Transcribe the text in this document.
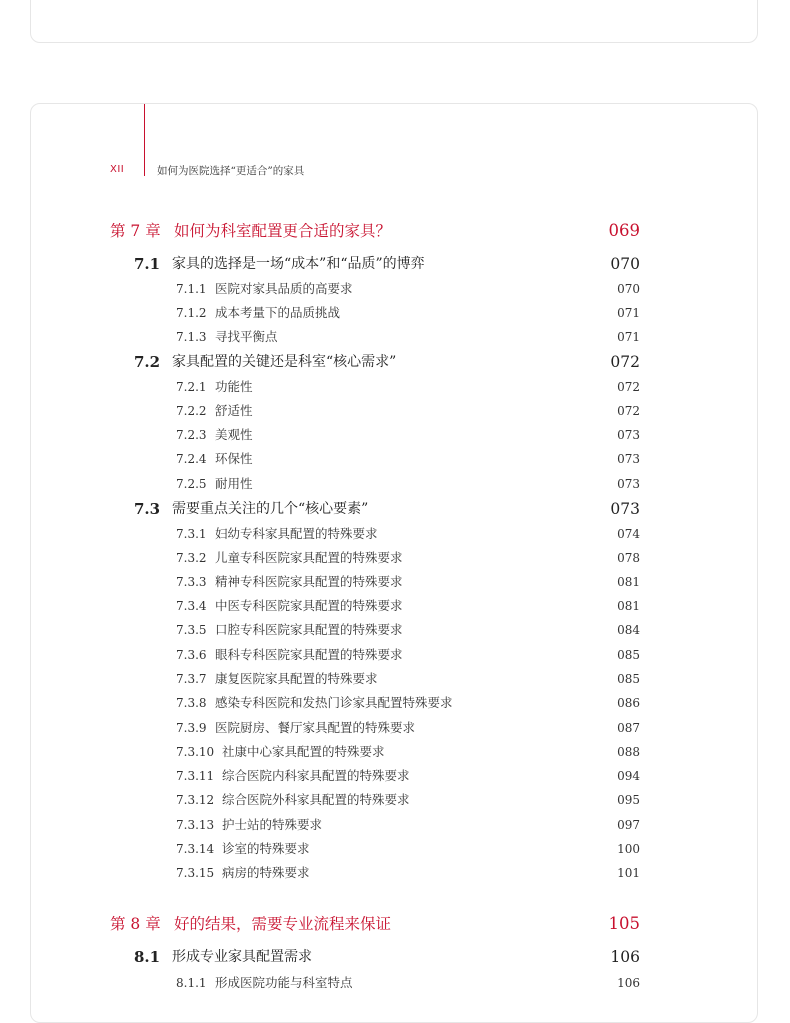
XII	如何为医院选择“更适合”的家具
第 7 章 如何为科室配置更合适的家具？	069
7.1 家具的选择是一场“成本”和“品质”的博弈	070
7.1.1 医院对家具品质的高要求	070
7.1.2 成本考量下的品质挑战	071
7.1.3 寻找平衡点	071
7.2 家具配置的关键还是科室“核心需求”	072
7.2.1 功能性	072
7.2.2 舒适性	072
7.2.3 美观性	073
7.2.4 环保性	073
7.2.5 耐用性	073
7.3 需要重点关注的几个“核心要素”	073
7.3.1 妇幼专科家具配置的特殊要求	074
7.3.2 儿童专科医院家具配置的特殊要求	078
7.3.3 精神专科医院家具配置的特殊要求	081
7.3.4 中医专科医院家具配置的特殊要求	081
7.3.5 口腔专科医院家具配置的特殊要求	084
7.3.6 眼科专科医院家具配置的特殊要求	085
7.3.7 康复医院家具配置的特殊要求	085
7.3.8 感染专科医院和发热门诊家具配置特殊要求	086
7.3.9 医院厨房、餐厅家具配置的特殊要求	087
7.3.10 社康中心家具配置的特殊要求	088
7.3.11 综合医院内科家具配置的特殊要求	094
7.3.12 综合医院外科家具配置的特殊要求	095
7.3.13 护士站的特殊要求	097
7.3.14 诊室的特殊要求	100
7.3.15 病房的特殊要求	101
第 8 章 好的结果，需要专业流程来保证	105
8.1 形成专业家具配置需求	106
8.1.1 形成医院功能与科室特点	106
